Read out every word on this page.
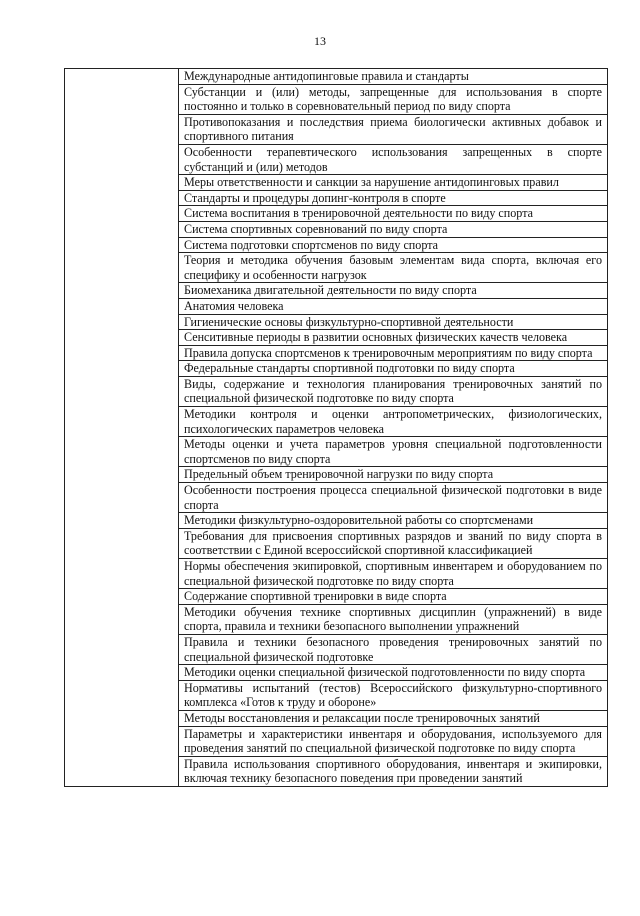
13

Международные антидопинговые правила и стандарты

Субстанции и (или) методы, запрещенные для использования в спорте постоянно и только в соревновательный период по виду спорта

Противопоказания и последствия приема биологически активных добавок и спортивного питания

Особенности терапевтического использования запрещенных в спорте субстанций и (или) методов

Меры ответственности и санкции за нарушение антидопинговых правил

Стандарты и процедуры допинг-контроля в спорте

Система воспитания в тренировочной деятельности по виду спорта

Система спортивных соревнований по виду спорта

Система подготовки спортсменов по виду спорта

Теория и методика обучения базовым элементам вида спорта, включая его специфику и особенности нагрузок

Биомеханика двигательной деятельности по виду спорта

Анатомия человека

Гигиенические основы физкультурно-спортивной деятельности

Сенситивные периоды в развитии основных физических качеств человека

Правила допуска спортсменов к тренировочным мероприятиям по виду спорта

Федеральные стандарты спортивной подготовки по виду спорта

Виды, содержание и технология планирования тренировочных занятий по специальной физической подготовке по виду спорта

Методики контроля и оценки антропометрических, физиологических, психологических параметров человека

Методы оценки и учета параметров уровня специальной подготовленности спортсменов по виду спорта

Предельный объем тренировочной нагрузки по виду спорта

Особенности построения процесса специальной физической подготовки в виде спорта

Методики физкультурно-оздоровительной работы со спортсменами

Требования для присвоения спортивных разрядов и званий по виду спорта в соответствии с Единой всероссийской спортивной классификацией

Нормы обеспечения экипировкой, спортивным инвентарем и оборудованием по специальной физической подготовке по виду спорта

Содержание спортивной тренировки в виде спорта

Методики обучения технике спортивных дисциплин (упражнений) в виде спорта, правила и техники безопасного выполнении упражнений

Правила и техники безопасного проведения тренировочных занятий по специальной физической подготовке

Методики оценки специальной физической подготовленности по виду спорта

Нормативы испытаний (тестов) Всероссийского физкультурно-спортивного комплекса «Готов к труду и обороне»

Методы восстановления и релаксации после тренировочных занятий

Параметры и характеристики инвентаря и оборудования, используемого для проведения занятий по специальной физической подготовке по виду спорта

Правила использования спортивного оборудования, инвентаря и экипировки, включая технику безопасного поведения при проведении занятий
